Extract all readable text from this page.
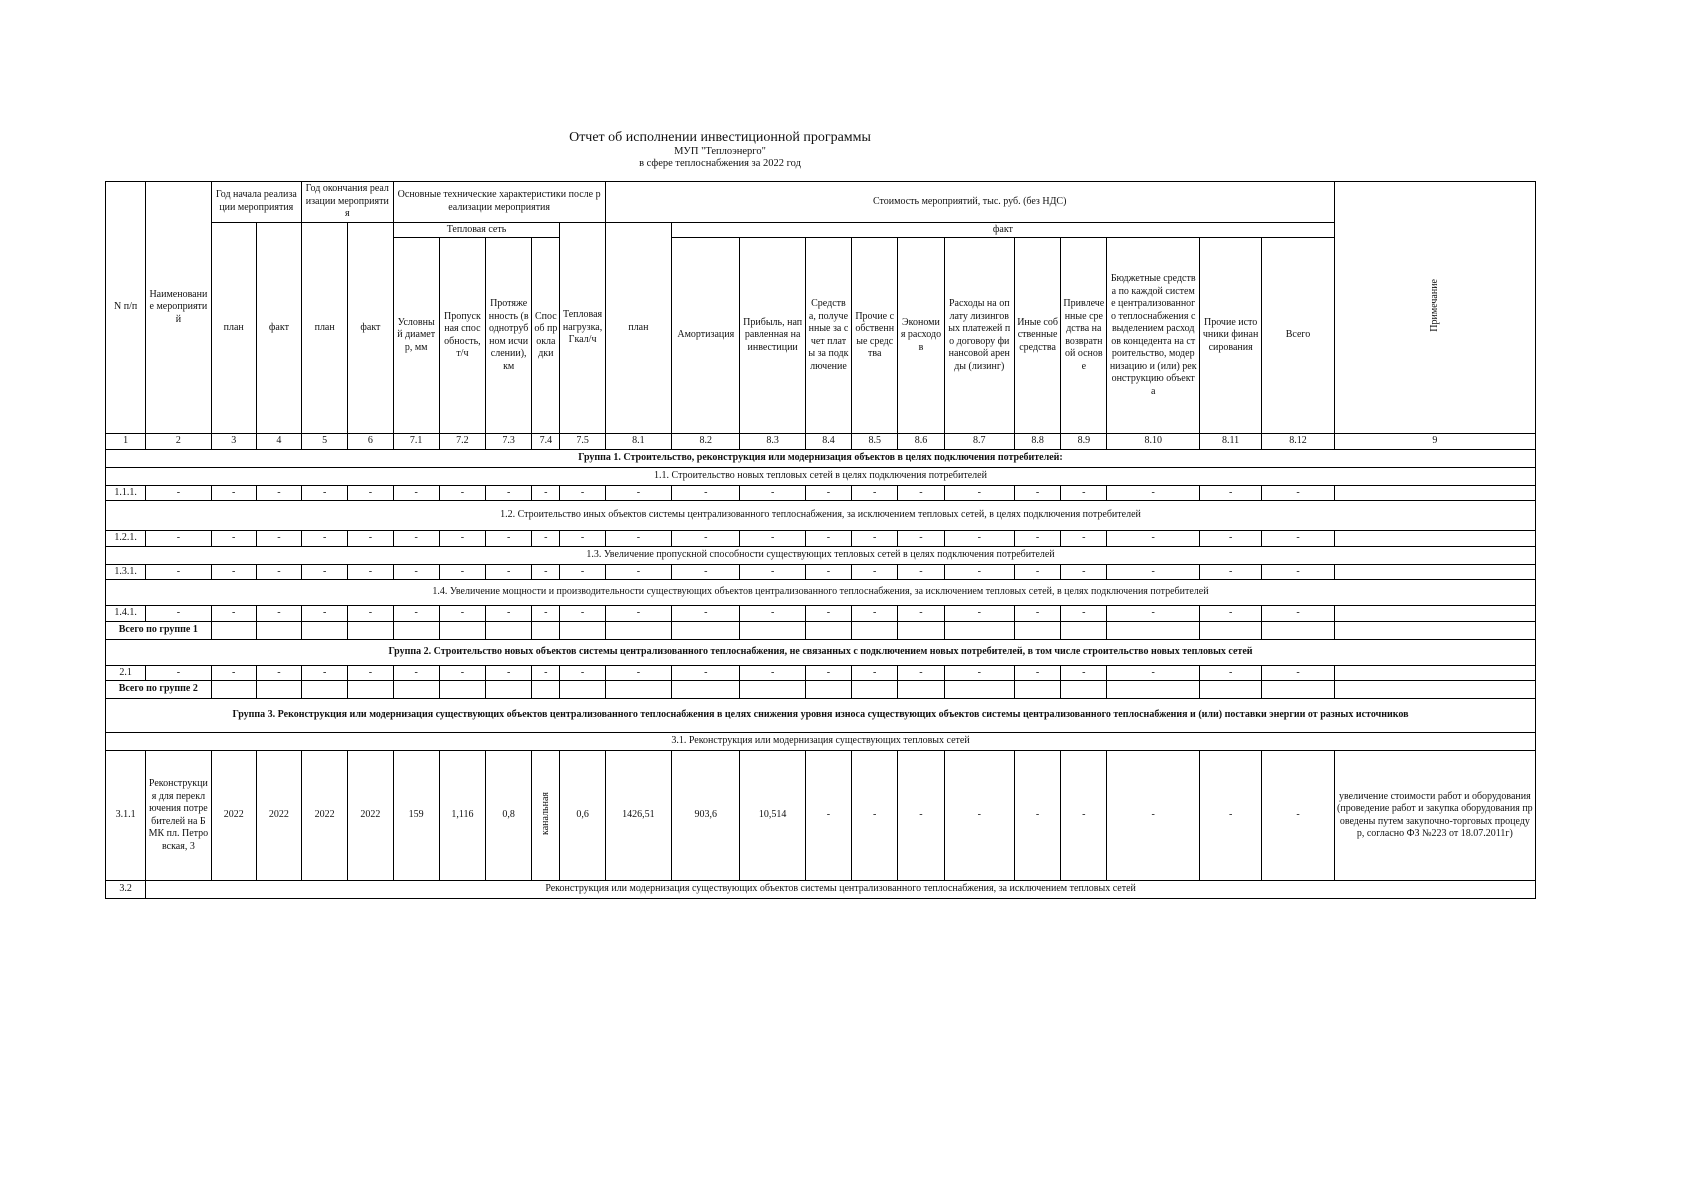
Отчет об исполнении инвестиционной программы
МУП "Теплоэнерго"
в сфере теплоснабжения за 2022 год
N п/п	Наименование мероприятий	Год начала реализации мероприятия		Год окончания реализации мероприятия		Основные технические характеристики после реализации мероприятия					Стоимость мероприятий, тыс. руб. (без НДС)												Примечание
		план	факт	план	факт	Тепловая сеть				Тепловая нагрузка, Гкал/ч	план	факт											
						Условный диаметр, мм	Пропускная способность, т/ч	Протяженность (в однотрубном исчислении), км	Способ прокладки			Амортизация	Прибыль, направленная на инвестиции	Средства, полученные за счет платы за подключение	Прочие собственные средства	Экономия расходов	Расходы на оплату лизинговых платежей по договору финансовой аренды (лизинг)	Иные собственные средства	Привлеченные средства на возвратной основе	Бюджетные средства по каждой системе централизованного теплоснабжения с выделением расходов концедента на строительство, модернизацию и (или) реконструкцию объекта	Прочие источники финансирования	Всего	
1	2	3	4	5	6	7.1	7.2	7.3	7.4	7.5	8.1	8.2	8.3	8.4	8.5	8.6	8.7	8.8	8.9	8.10	8.11	8.12	9
Группа 1. Строительство, реконструкция или модернизация объектов в целях подключения потребителей:																							
1.1. Строительство новых тепловых сетей в целях подключения потребителей																							
1.1.1.	-	-	-	-	-	-	-	-	-	-	-	-	-	-	-	-	-	-	-	-	-	-	
1.2. Строительство иных объектов системы централизованного теплоснабжения, за исключением тепловых сетей, в целях подключения потребителей																							
1.2.1.	-	-	-	-	-	-	-	-	-	-	-	-	-	-	-	-	-	-	-	-	-	-	
1.3. Увеличение пропускной способности существующих тепловых сетей в целях подключения потребителей																							
1.3.1.	-	-	-	-	-	-	-	-	-	-	-	-	-	-	-	-	-	-	-	-	-	-	
1.4. Увеличение мощности и производительности существующих объектов централизованного теплоснабжения, за исключением тепловых сетей, в целях подключения потребителей																							
1.4.1.	-	-	-	-	-	-	-	-	-	-	-	-	-	-	-	-	-	-	-	-	-	-	
Всего по группе 1																							
Группа 2. Строительство новых объектов системы централизованного теплоснабжения, не связанных с подключением новых потребителей, в том числе строительство новых тепловых сетей																							
2.1	-	-	-	-	-	-	-	-	-	-	-	-	-	-	-	-	-	-	-	-	-	-	
Всего по группе 2																							
Группа 3. Реконструкция или модернизация существующих объектов централизованного теплоснабжения в целях снижения уровня износа существующих объектов системы централизованного теплоснабжения и (или) поставки энергии от разных источников																							
3.1. Реконструкция или модернизация существующих тепловых сетей																							
3.1.1	Реконструкция для переключения потребителей на БМК пл. Петровская, 3	2022	2022	2022	2022	159	1,116	0,8	канальная	0,6	1426,51	903,6	10,514	-	-	-	-	-	-	-	-	-	увеличение стоимости работ и оборудования (проведение работ и закупка оборудования проведены путем закупочно-торговых процедур, согласно ФЗ №223 от 18.07.2011г)
3.2	Реконструкция или модернизация существующих объектов системы централизованного теплоснабжения, за исключением тепловых сетей																						
